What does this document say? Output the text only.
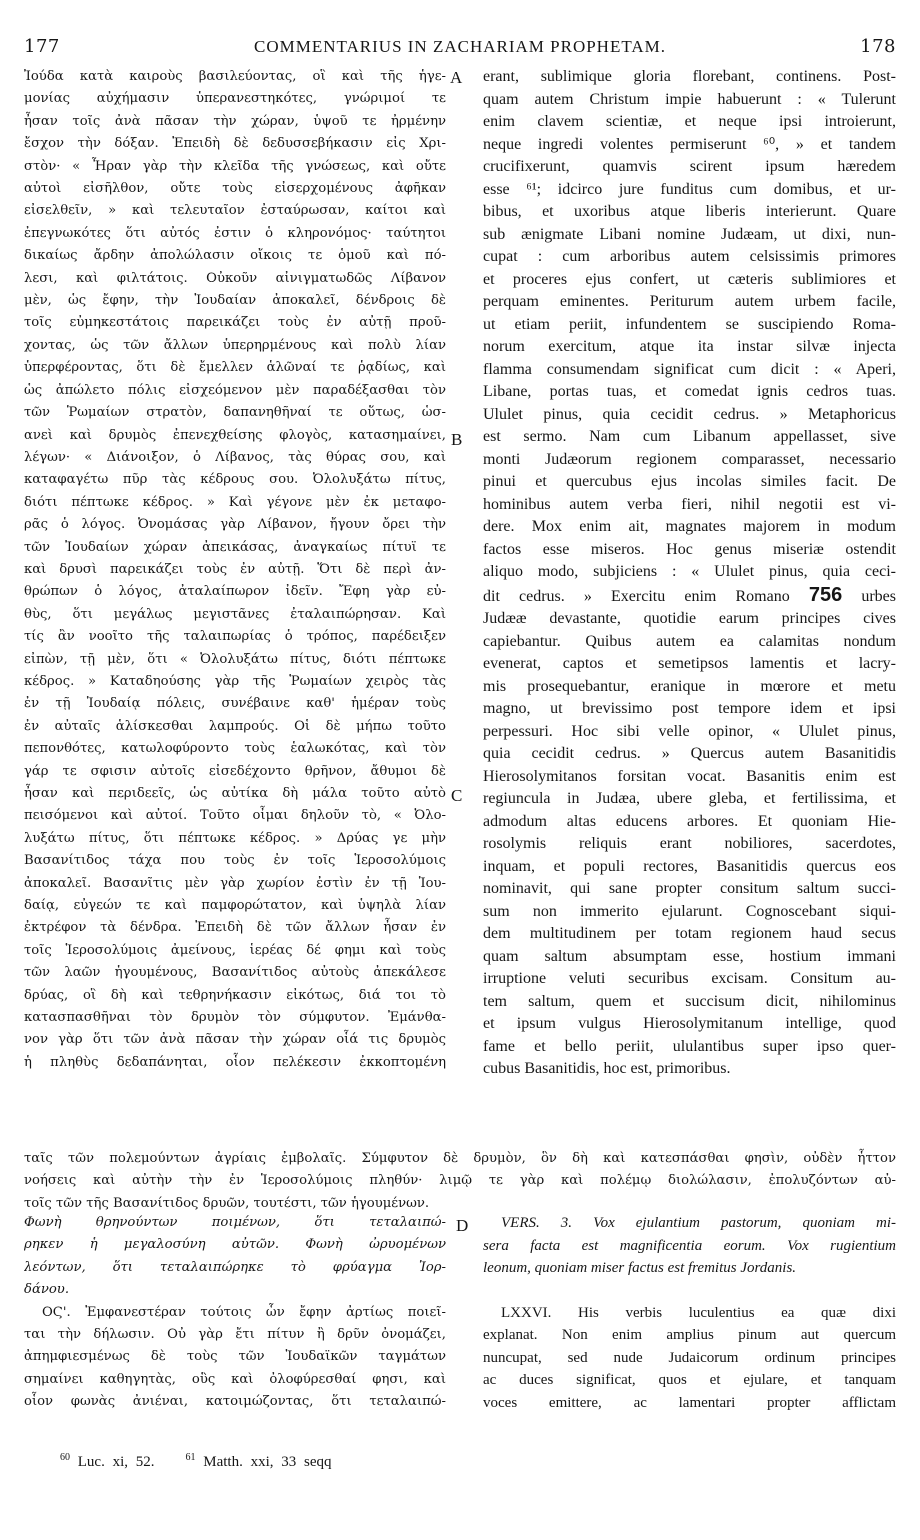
177	COMMENTARIUS IN ZACHARIAM PROPHETAM.	178
A
B
C
D
Ἰούδα κατὰ καιροὺς βασιλεύοντας, οἳ καὶ τῆς ἡγε-
μονίας αὐχήμασιν ὑπερανεστηκότες, γνώριμοί τε
ἦσαν τοῖς ἀνὰ πᾶσαν τὴν χώραν, ὑψοῦ τε ἠρμένην
ἔσχον τὴν δόξαν. Ἐπειδὴ δὲ δεδυσσεβήκασιν εἰς Χρι-
στὸν· « Ἦραν γὰρ τὴν κλεῖδα τῆς γνώσεως, καὶ οὔτε
αὐτοὶ εἰσῆλθον, οὔτε τοὺς εἰσερχομένους ἀφῆκαν
εἰσελθεῖν, » καὶ τελευταῖον ἐσταύρωσαν, καίτοι καὶ
ἐπεγνωκότες ὅτι αὐτός ἐστιν ὁ κληρονόμος· ταύτητοι
δικαίως ἄρδην ἀπολώλασιν οἴκοις τε ὁμοῦ καὶ πό-
λεσι, καὶ φιλτάτοις. Οὐκοῦν αἰνιγματωδῶς Λίβανον
μὲν, ὡς ἔφην, τὴν Ἰουδαίαν ἀποκαλεῖ, δένδροις δὲ
τοῖς εὐμηκεστάτοις παρεικάζει τοὺς ἐν αὐτῇ προῦ-
χοντας, ὡς τῶν ἄλλων ὑπερηρμένους καὶ πολὺ λίαν
ὑπερφέροντας, ὅτι δὲ ἔμελλεν ἁλῶναί τε ῥᾳδίως, καὶ
ὡς ἀπώλετο πόλις εἰσχεόμενον μὲν παραδέξασθαι τὸν
τῶν Ῥωμαίων στρατὸν, δαπανηθῆναί τε οὕτως, ὡσ-
ανεὶ καὶ δρυμὸς ἐπενεχθείσης φλογὸς, κατασημαίνει,
λέγων· « Διάνοιξον, ὁ Λίβανος, τὰς θύρας σου, καὶ
καταφαγέτω πῦρ τὰς κέδρους σου. Ὀλολυξάτω πίτυς,
διότι πέπτωκε κέδρος. » Καὶ γέγονε μὲν ἐκ μεταφο-
ρᾶς ὁ λόγος. Ὀνομάσας γὰρ Λίβανον, ἤγουν ὄρει τὴν
τῶν Ἰουδαίων χώραν ἀπεικάσας, ἀναγκαίως πίτυϊ τε
καὶ δρυσὶ παρεικάζει τοὺς ἐν αὐτῇ. Ὅτι δὲ περὶ ἀν-
θρώπων ὁ λόγος, ἀταλαίπωρον ἰδεῖν. Ἔφη γὰρ εὐ-
θὺς, ὅτι μεγάλως μεγιστᾶνες ἐταλαιπώρησαν. Καὶ
τίς ἂν νοοῖτο τῆς ταλαιπωρίας ὁ τρόπος, παρέδειξεν
εἰπὼν, τῇ μὲν, ὅτι « Ὀλολυξάτω πίτυς, διότι πέπτωκε
κέδρος. » Καταδηούσης γὰρ τῆς Ῥωμαίων χειρὸς τὰς
ἐν τῇ Ἰουδαίᾳ πόλεις, συνέβαινε καθ' ἡμέραν τοὺς
ἐν αὐταῖς ἁλίσκεσθαι λαμπρούς. Οἱ δὲ μήπω τοῦτο
πεπονθότες, κατωλοφύροντο τοὺς ἑαλωκότας, καὶ τὸν
γάρ τε σφισιν αὐτοῖς εἰσεδέχοντο θρῆνον, ἄθυμοι δὲ
ἦσαν καὶ περιδεεῖς, ὡς αὐτίκα δὴ μάλα τοῦτο αὐτὸ
πεισόμενοι καὶ αὐτοί. Τοῦτο οἶμαι δηλοῦν τὸ, « Ὀλο-
λυξάτω πίτυς, ὅτι πέπτωκε κέδρος. » Δρύας γε μὴν
Βασανίτιδος τάχα που τοὺς ἐν τοῖς Ἱεροσολύμοις
ἀποκαλεῖ. Βασανῖτις μὲν γὰρ χωρίον ἐστὶν ἐν τῇ Ἰου-
δαίᾳ, εὐγεών τε καὶ παμφορώτατον, καὶ ὑψηλὰ λίαν
ἐκτρέφον τὰ δένδρα. Ἐπειδὴ δὲ τῶν ἄλλων ἦσαν ἐν
τοῖς Ἱεροσολύμοις ἀμείνους, ἱερέας δέ φημι καὶ τοὺς
τῶν λαῶν ἡγουμένους, Βασανίτιδος αὐτοὺς ἀπεκάλεσε
δρύας, οἳ δὴ καὶ τεθρηνήκασιν εἰκότως, διά τοι τὸ
κατασπασθῆναι τὸν δρυμὸν τὸν σύμφυτον. Ἐμάνθα-
νον γὰρ ὅτι τῶν ἀνὰ πᾶσαν τὴν χώραν οἷά τις δρυμὸς
ἡ πληθὺς δεδαπάνηται, οἷον πελέκεσιν ἐκκοπτομένη
erant, sublimique gloria florebant, continens. Post-
quam autem Christum impie habuerunt : « Tulerunt
enim clavem scientiæ, et neque ipsi introierunt,
neque ingredi volentes permiserunt ⁶⁰, » et tandem
crucifixerunt, quamvis scirent ipsum hæredem
esse ⁶¹; idcirco jure funditus cum domibus, et ur-
bibus, et uxoribus atque liberis interierunt. Quare
sub ænigmate Libani nomine Judæam, ut dixi, nun-
cupat : cum arboribus autem celsissimis primores
et proceres ejus confert, ut cæteris sublimiores et
perquam eminentes. Periturum autem urbem facile,
ut etiam periit, infundentem se suscipiendo Roma-
norum exercitum, atque ita instar silvæ injecta
flamma consumendam significat cum dicit : « Aperi,
Libane, portas tuas, et comedat ignis cedros tuas.
Ululet pinus, quia cecidit cedrus. » Metaphoricus
est sermo. Nam cum Libanum appellasset, sive
monti Judæorum regionem comparasset, necessario
pinui et quercubus ejus incolas similes facit. De
hominibus autem verba fieri, nihil negotii est vi-
dere. Mox enim ait, magnates majorem in modum
factos esse miseros. Hoc genus miseriæ ostendit
aliquo modo, subjiciens : « Ululet pinus, quia ceci-
dit cedrus. » Exercitu enim Romano 756 urbes
Judææ devastante, quotidie earum principes cives
capiebantur. Quibus autem ea calamitas nondum
evenerat, captos et semetipsos lamentis et lacry-
mis prosequebantur, eranique in mœrore et metu
magno, ut brevissimo post tempore idem et ipsi
perpessuri. Hoc sibi velle opinor, « Ululet pinus,
quia cecidit cedrus. » Quercus autem Basanitidis
Hierosolymitanos forsitan vocat. Basanitis enim est
regiuncula in Judæa, ubere gleba, et fertilissima, et
admodum altas educens arbores. Et quoniam Hie-
rosolymis reliquis erant nobiliores, sacerdotes,
inquam, et populi rectores, Basanitidis quercus eos
nominavit, qui sane propter consitum saltum succi-
sum non immerito ejularunt. Cognoscebant siqui-
dem multitudinem per totam regionem haud secus
quam saltum absumptam esse, hostium immani
irruptione veluti securibus excisam. Consitum au-
tem saltum, quem et succisum dicit, nihilominus
et ipsum vulgus Hierosolymitanum intellige, quod
fame et bello periit, ululantibus super ipso quer-
cubus Basanitidis, hoc est, primoribus.
ταῖς τῶν πολεμούντων ἀγρίαις ἐμβολαῖς. Σύμφυτον δὲ δρυμὸν, ὃν δὴ καὶ κατεσπάσθαι φησὶν, οὐδὲν ἧττον
νοήσεις καὶ αὐτὴν τὴν ἐν Ἱεροσολύμοις πληθύν· λιμῷ τε γὰρ καὶ πολέμῳ διολώλασιν, ἐπολυζόντων αὐ-
τοῖς τῶν τῆς Βασανίτιδος δρυῶν, τουτέστι, τῶν ἡγουμένων.
Φωνὴ θρηνούντων ποιμένων, ὅτι τεταλαιπώ-
ρηκεν ἡ μεγαλοσύνη αὐτῶν. Φωνὴ ὠρυομένων
λεόντων, ὅτι τεταλαιπώρηκε τὸ φρύαγμα Ἰορ-
δάνου.
ΟϚ'. Ἐμφανεστέραν τούτοις ὧν ἔφην ἀρτίως ποιεῖ-
ται τὴν δήλωσιν. Οὐ γὰρ ἔτι πίτυν ἢ δρῦν ὀνομάζει,
ἀπημφιεσμένως δὲ τοὺς τῶν Ἰουδαϊκῶν ταγμάτων
σημαίνει καθηγητὰς, οὓς καὶ ὀλοφύρεσθαί φησι, καὶ
οἷον φωνὰς ἀνιέναι, κατοιμώζοντας, ὅτι τεταλαιπώ-
VERS. 3. Vox ejulantium pastorum, quoniam mi-
sera facta est magnificentia eorum. Vox rugientium
leonum, quoniam miser factus est fremitus Jordanis.
LXXVI. His verbis luculentius ea quæ dixi
explanat. Non enim amplius pinum aut quercum
nuncupat, sed nude Judaicorum ordinum principes
ac duces significat, quos et ejulare, et tanquam
voces emittere, ac lamentari propter afflictam
$^{60}$ Luc. xi, 52.	$^{61}$ Matth. xxi, 33 seqq
